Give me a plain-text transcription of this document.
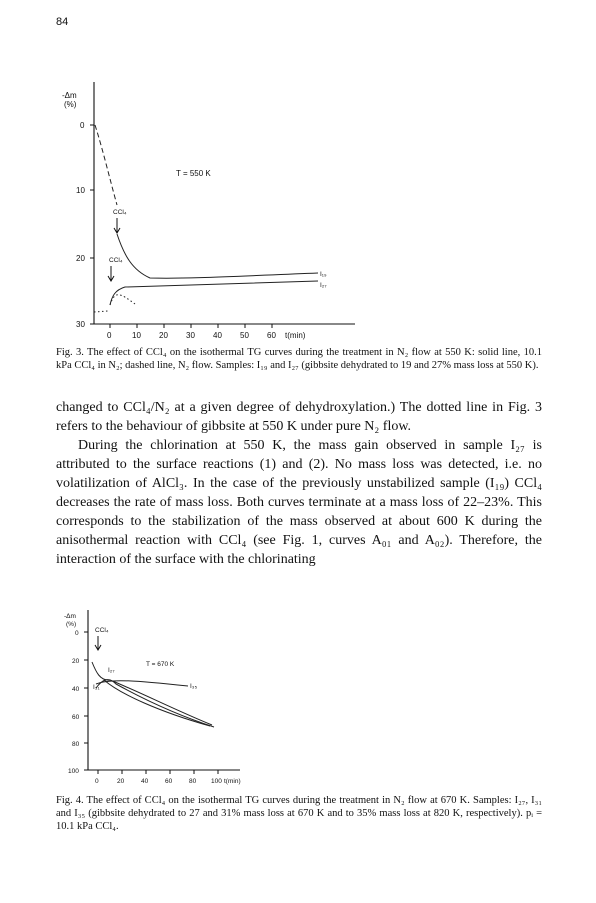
84
-Δm
(%)
0
10
20
30
0	10 20 30 40 50 60 t(min)
T = 550 K
CCl₄
CCl₄
I₁₉
I₂₇
Fig. 3. The effect of CCl₄ on the isothermal TG curves during the treatment in N₂ flow at 550 K: solid line, 10.1 kPa CCl₄ in N₂; dashed line, N₂ flow. Samples: I₁₉ and I₂₇ (gibbsite dehydrated to 19 and 27% mass loss at 550 K).

changed to CCl₄/N₂ at a given degree of dehydroxylation.) The dotted line in Fig. 3 refers to the behaviour of gibbsite at 550 K under pure N₂ flow.

During the chlorination at 550 K, the mass gain observed in sample I₂₇ is attributed to the surface reactions (1) and (2). No mass loss was detected, i.e. no volatilization of AlCl₃. In the case of the previously unstabilized sample (I₁₉) CCl₄ decreases the rate of mass loss. Both curves terminate at a mass loss of 22–23%. This corresponds to the stabilization of the mass observed at about 600 K during the anisothermal reaction with CCl₄ (see Fig. 1, curves A₀₁ and A₀₂). Therefore, the interaction of the surface with the chlorinating

-Δm
(%)
0
20
40
60
80
100
0	20	40	60	80 100 t(min)
CCl₄
T = 670 K
I₂₇
I₃₁	I₃₅
Fig. 4. The effect of CCl₄ on the isothermal TG curves during the treatment in N₂ flow at 670 K. Samples: I₂₇, I₃₁ and I₃₅ (gibbsite dehydrated to 27 and 31% mass loss at 670 K and to 35% mass loss at 820 K, respectively). pᵢ = 10.1 kPa CCl₄.
